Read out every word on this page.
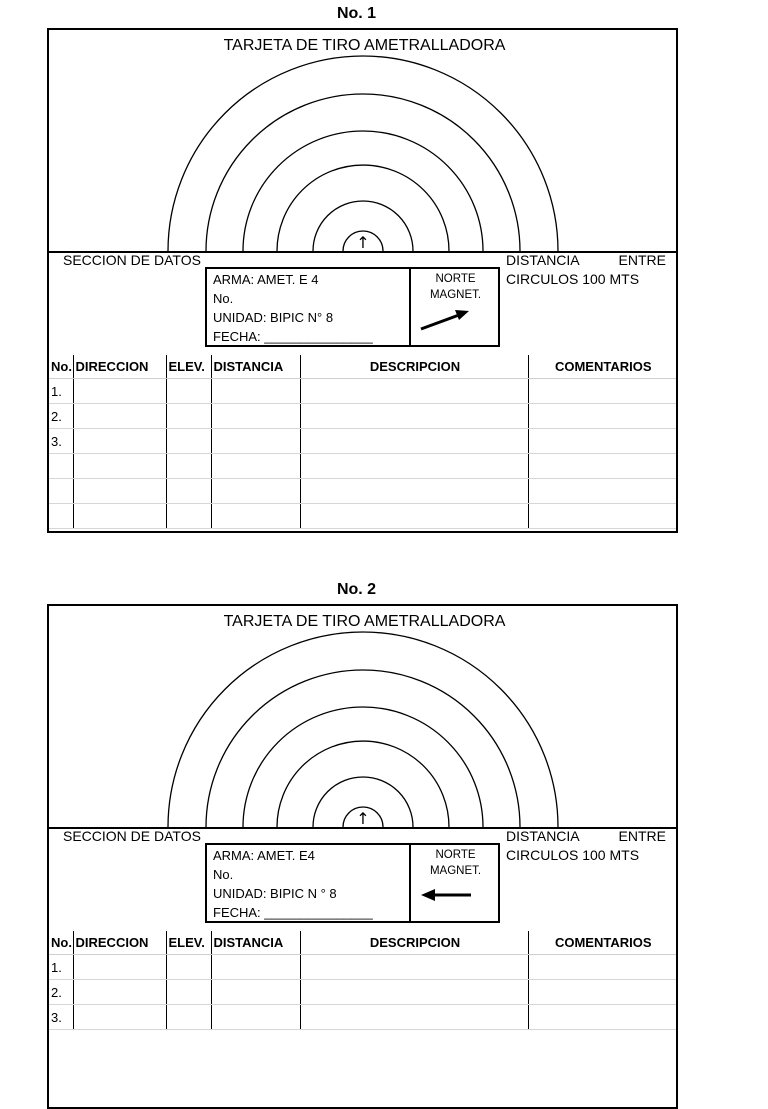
No. 1
TARJETA DE TIRO AMETRALLADORA
↑
SECCION DE DATOS	DISTANCIA	ENTRE
CIRCULOS 100 MTS
ARMA: AMET. E 4
No.
UNIDAD: BIPIC N° 8
FECHA: _______________
NORTE
MAGNET.
No.	DIRECCION	ELEV.	DISTANCIA	DESCRIPCION	COMENTARIOS
1.					
2.					
3.					

No. 2
TARJETA DE TIRO AMETRALLADORA
↑
SECCION DE DATOS	DISTANCIA	ENTRE
CIRCULOS 100 MTS
ARMA: AMET. E4
No.
UNIDAD: BIPIC N ° 8
FECHA: _______________
NORTE
MAGNET.
No.	DIRECCION	ELEV.	DISTANCIA	DESCRIPCION	COMENTARIOS
1.					
2.					
3.					
